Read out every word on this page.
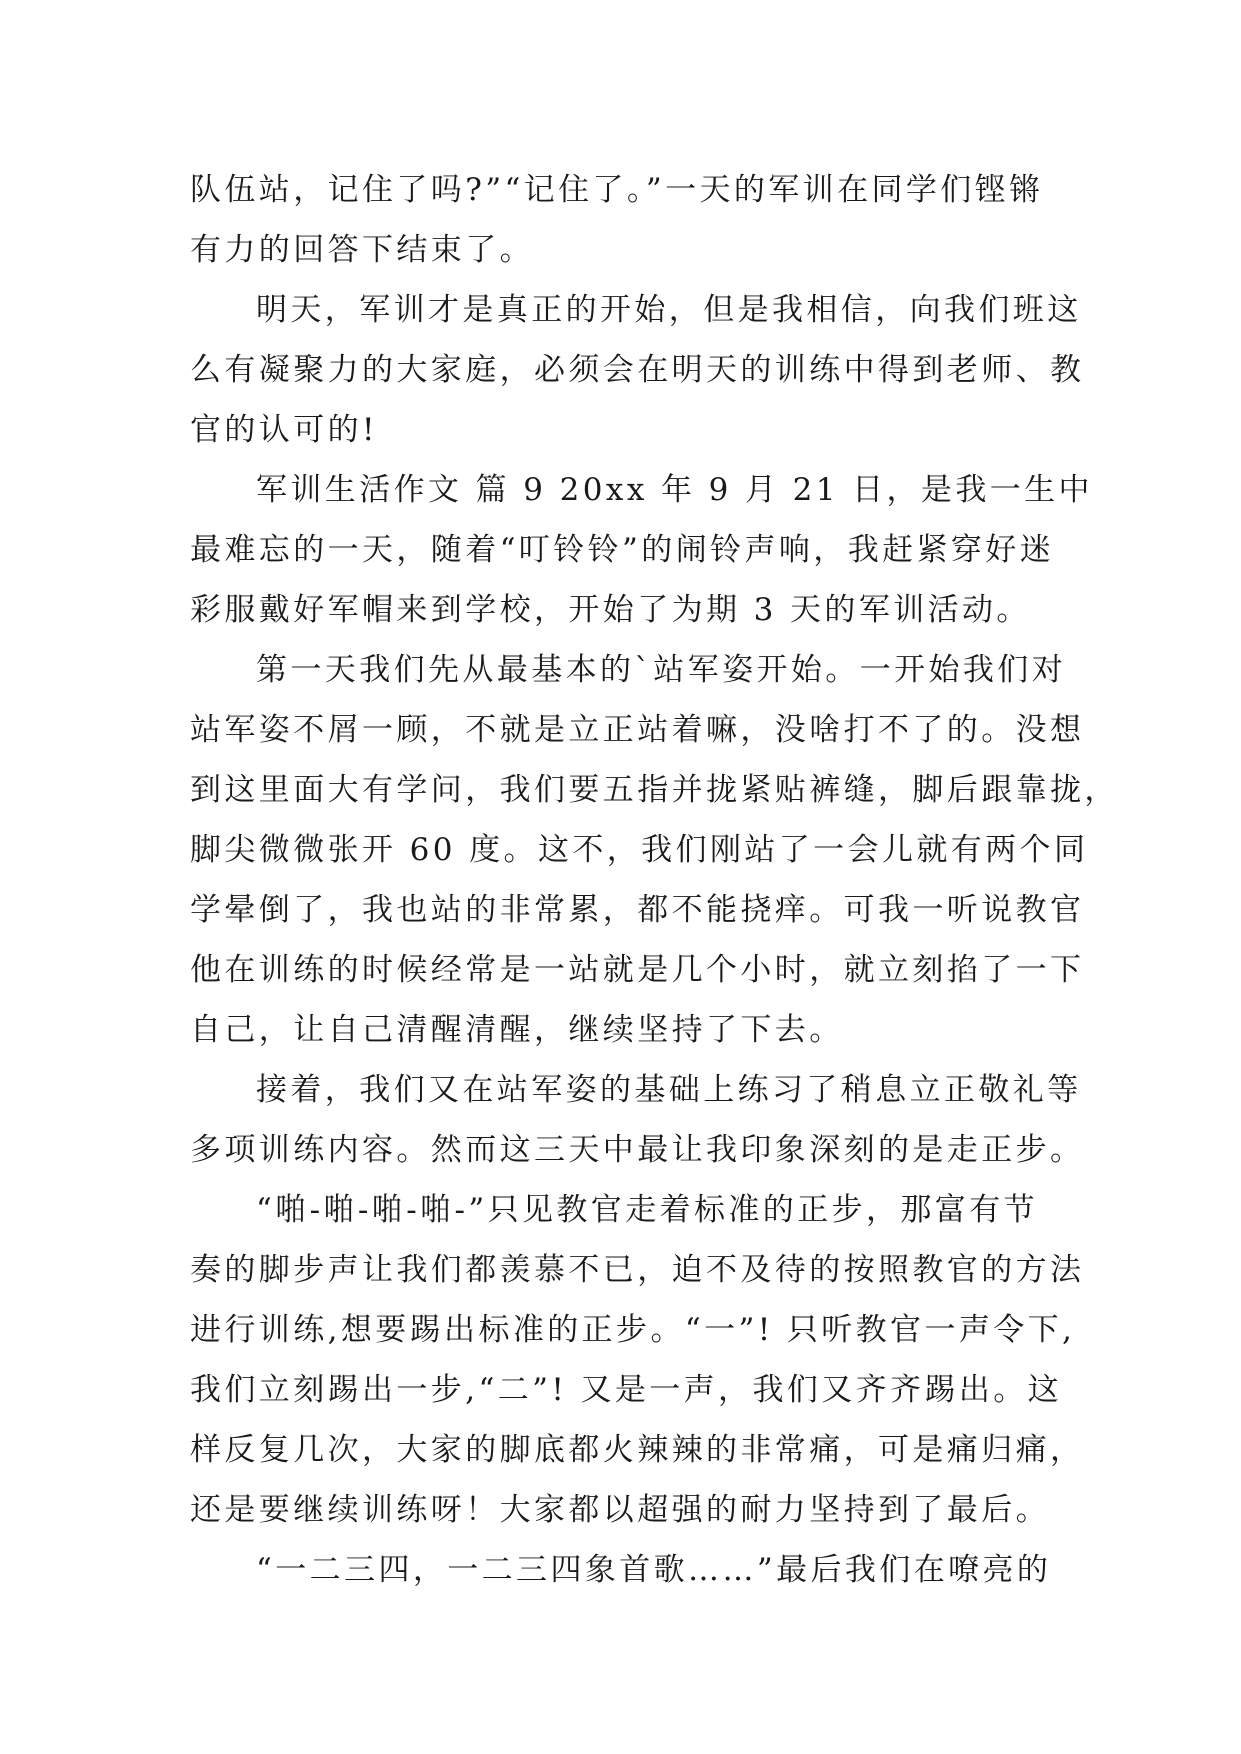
队伍站，记住了吗?”“记住了。”一天的军训在同学们铿锵
有力的回答下结束了。
明天，军训才是真正的开始，但是我相信，向我们班这
么有凝聚力的大家庭，必须会在明天的训练中得到老师、教
官的认可的!
军训生活作文 篇 9 20xx 年 9 月 21 日，是我一生中
最难忘的一天，随着“叮铃铃”的闹铃声响，我赶紧穿好迷
彩服戴好军帽来到学校，开始了为期 3 天的军训活动。
第一天我们先从最基本的`站军姿开始。一开始我们对
站军姿不屑一顾，不就是立正站着嘛，没啥打不了的。没想
到这里面大有学问，我们要五指并拢紧贴裤缝，脚后跟靠拢，
脚尖微微张开 60 度。这不，我们刚站了一会儿就有两个同
学晕倒了，我也站的非常累，都不能挠痒。可我一听说教官
他在训练的时候经常是一站就是几个小时，就立刻掐了一下
自己，让自己清醒清醒，继续坚持了下去。
接着，我们又在站军姿的基础上练习了稍息立正敬礼等
多项训练内容。然而这三天中最让我印象深刻的是走正步。
“啪-啪-啪-啪-”只见教官走着标准的正步，那富有节
奏的脚步声让我们都羡慕不已，迫不及待的按照教官的方法
进行训练,想要踢出标准的正步。“一”! 只听教官一声令下,
我们立刻踢出一步,“二”! 又是一声，我们又齐齐踢出。这
样反复几次，大家的脚底都火辣辣的非常痛，可是痛归痛，
还是要继续训练呀！大家都以超强的耐力坚持到了最后。
“一二三四，一二三四象首歌……”最后我们在嘹亮的
